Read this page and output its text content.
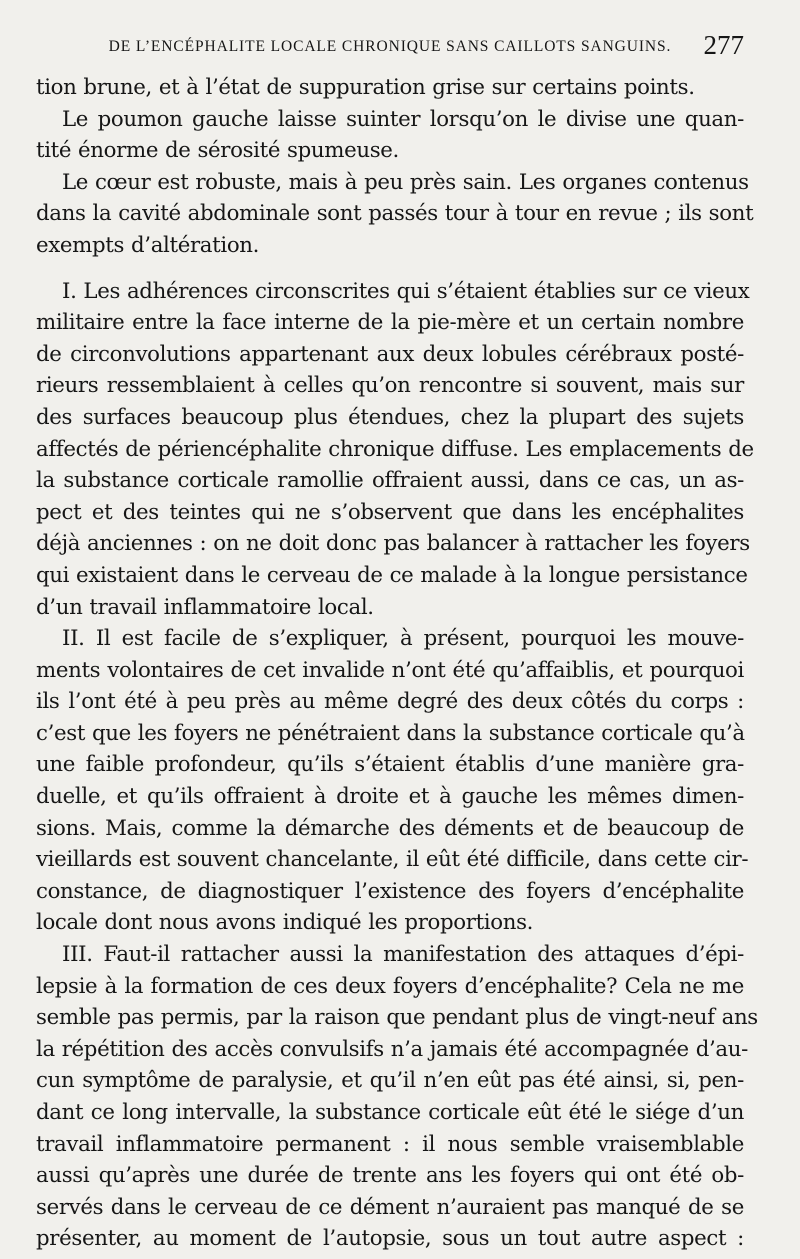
DE L’ENCÉPHALITE LOCALE CHRONIQUE SANS CAILLOTS SANGUINS. 277

tion brune, et à l’état de suppuration grise sur certains points.

Le poumon gauche laisse suinter lorsqu’on le divise une quan-
tité énorme de sérosité spumeuse.

Le cœur est robuste, mais à peu près sain. Les organes contenus
dans la cavité abdominale sont passés tour à tour en revue ; ils sont
exempts d’altération.

I. Les adhérences circonscrites qui s’étaient établies sur ce vieux
militaire entre la face interne de la pie-mère et un certain nombre
de circonvolutions appartenant aux deux lobules cérébraux posté-
rieurs ressemblaient à celles qu’on rencontre si souvent, mais sur
des surfaces beaucoup plus étendues, chez la plupart des sujets
affectés de périencéphalite chronique diffuse. Les emplacements de
la substance corticale ramollie offraient aussi, dans ce cas, un as-
pect et des teintes qui ne s’observent que dans les encéphalites
déjà anciennes : on ne doit donc pas balancer à rattacher les foyers
qui existaient dans le cerveau de ce malade à la longue persistance
d’un travail inflammatoire local.

II. Il est facile de s’expliquer, à présent, pourquoi les mouve-
ments volontaires de cet invalide n’ont été qu’affaiblis, et pourquoi
ils l’ont été à peu près au même degré des deux côtés du corps :
c’est que les foyers ne pénétraient dans la substance corticale qu’à
une faible profondeur, qu’ils s’étaient établis d’une manière gra-
duelle, et qu’ils offraient à droite et à gauche les mêmes dimen-
sions. Mais, comme la démarche des déments et de beaucoup de
vieillards est souvent chancelante, il eût été difficile, dans cette cir-
constance, de diagnostiquer l’existence des foyers d’encéphalite
locale dont nous avons indiqué les proportions.

III. Faut-il rattacher aussi la manifestation des attaques d’épi-
lepsie à la formation de ces deux foyers d’encéphalite? Cela ne me
semble pas permis, par la raison que pendant plus de vingt-neuf ans
la répétition des accès convulsifs n’a jamais été accompagnée d’au-
cun symptôme de paralysie, et qu’il n’en eût pas été ainsi, si, pen-
dant ce long intervalle, la substance corticale eût été le siége d’un
travail inflammatoire permanent : il nous semble vraisemblable
aussi qu’après une durée de trente ans les foyers qui ont été ob-
servés dans le cerveau de ce dément n’auraient pas manqué de se
présenter, au moment de l’autopsie, sous un tout autre aspect :
